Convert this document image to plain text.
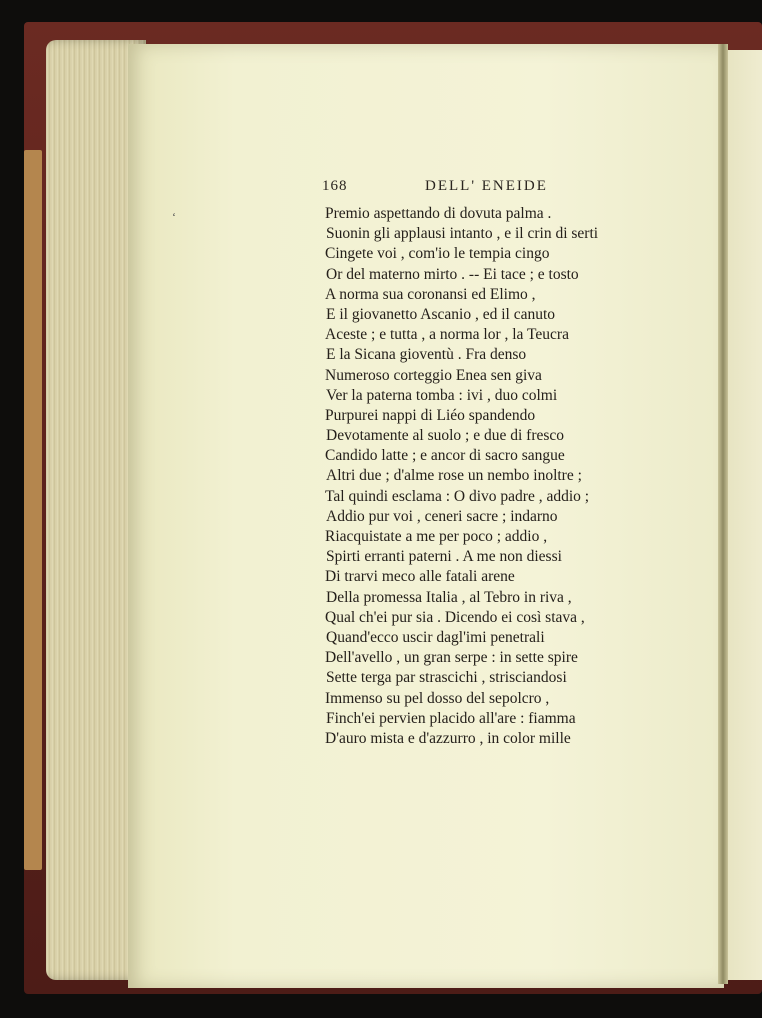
168	DELL' ENEIDE
Premio aspettando di dovuta palma .
Suonin gli applausi intanto , e il crin di serti
Cingete voi , com'io le tempia cingo
Or del materno mirto . -- Ei tace ; e tosto
A norma sua coronansi ed Elimo ,
E il giovanetto Ascanio , ed il canuto
Aceste ; e tutta , a norma lor , la Teucra
E la Sicana gioventù . Fra denso
Numeroso corteggio Enea sen giva
Ver la paterna tomba : ivi , duo colmi
Purpurei nappi di Liéo spandendo
Devotamente al suolo ; e due di fresco
Candido latte ; e ancor di sacro sangue
Altri due ; d'alme rose un nembo inoltre ;
Tal quindi esclama : O divo padre , addio ;
Addio pur voi , ceneri sacre ; indarno
Riacquistate a me per poco ; addio ,
Spirti erranti paterni . A me non diessi
Di trarvi meco alle fatali arene
Della promessa Italia , al Tebro in riva ,
Qual ch'ei pur sia . Dicendo ei così stava ,
Quand'ecco uscir dagl'imi penetrali
Dell'avello , un gran serpe : in sette spire
Sette terga par strascichi , strisciandosi
Immenso su pel dosso del sepolcro ,
Finch'ei pervien placido all'are : fiamma
D'auro mista e d'azzurro , in color mille
‘
